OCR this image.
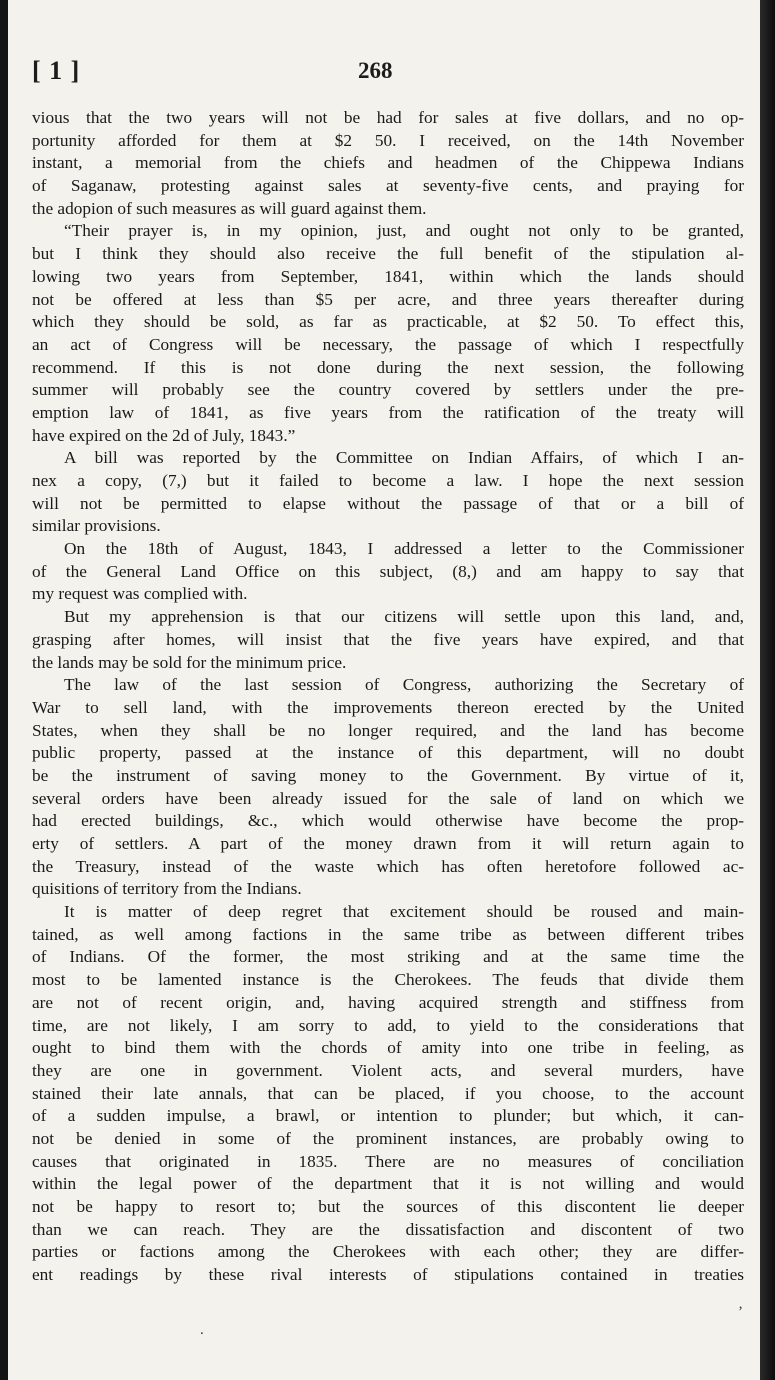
[ 1 ]	268
vious that the two years will not be had for sales at five dollars, and no op-
portunity afforded for them at $2 50. I received, on the 14th November
instant, a memorial from the chiefs and headmen of the Chippewa Indians
of Saganaw, protesting against sales at seventy-five cents, and praying for
the adopion of such measures as will guard against them.
“Their prayer is, in my opinion, just, and ought not only to be granted,
but I think they should also receive the full benefit of the stipulation al-
lowing two years from September, 1841, within which the lands should
not be offered at less than $5 per acre, and three years thereafter during
which they should be sold, as far as practicable, at $2 50. To effect this,
an act of Congress will be necessary, the passage of which I respectfully
recommend. If this is not done during the next session, the following
summer will probably see the country covered by settlers under the pre-
emption law of 1841, as five years from the ratification of the treaty will
have expired on the 2d of July, 1843.”
A bill was reported by the Committee on Indian Affairs, of which I an-
nex a copy, (7,) but it failed to become a law. I hope the next session
will not be permitted to elapse without the passage of that or a bill of
similar provisions.
On the 18th of August, 1843, I addressed a letter to the Commissioner
of the General Land Office on this subject, (8,) and am happy to say that
my request was complied with.
But my apprehension is that our citizens will settle upon this land, and,
grasping after homes, will insist that the five years have expired, and that
the lands may be sold for the minimum price.
The law of the last session of Congress, authorizing the Secretary of
War to sell land, with the improvements thereon erected by the United
States, when they shall be no longer required, and the land has become
public property, passed at the instance of this department, will no doubt
be the instrument of saving money to the Government. By virtue of it,
several orders have been already issued for the sale of land on which we
had erected buildings, &c., which would otherwise have become the prop-
erty of settlers. A part of the money drawn from it will return again to
the Treasury, instead of the waste which has often heretofore followed ac-
quisitions of territory from the Indians.
It is matter of deep regret that excitement should be roused and main-
tained, as well among factions in the same tribe as between different tribes
of Indians. Of the former, the most striking and at the same time the
most to be lamented instance is the Cherokees. The feuds that divide them
are not of recent origin, and, having acquired strength and stiffness from
time, are not likely, I am sorry to add, to yield to the considerations that
ought to bind them with the chords of amity into one tribe in feeling, as
they are one in government. Violent acts, and several murders, have
stained their late annals, that can be placed, if you choose, to the account
of a sudden impulse, a brawl, or intention to plunder; but which, it can-
not be denied in some of the prominent instances, are probably owing to
causes that originated in 1835. There are no measures of conciliation
within the legal power of the department that it is not willing and would
not be happy to resort to; but the sources of this discontent lie deeper
than we can reach. They are the dissatisfaction and discontent of two
parties or factions among the Cherokees with each other; they are differ-
ent readings by these rival interests of stipulations contained in treaties
.
’
